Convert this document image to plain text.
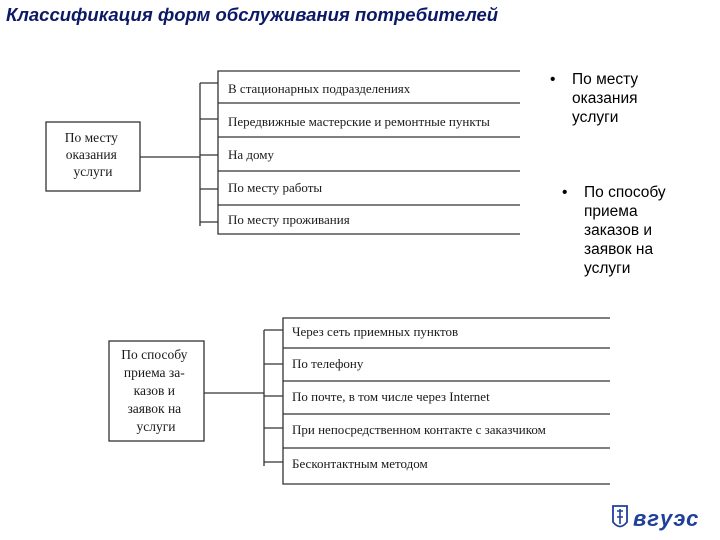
Классификация форм обслуживания потребителей
По месту оказания услуги
В стационарных подразделениях
Передвижные мастерские и ремонтные пункты
На дому
По месту работы
По месту проживания
По способу приема за- казов и заявок на услуги
Через сеть приемных пунктов
По телефону
По почте, в том числе через Internet
При непосредственном контакте с заказчиком
Бесконтактным методом
•	По месту
оказания
услуги
•	По способу
приема
заказов и
заявок на
услуги
вгуэс
